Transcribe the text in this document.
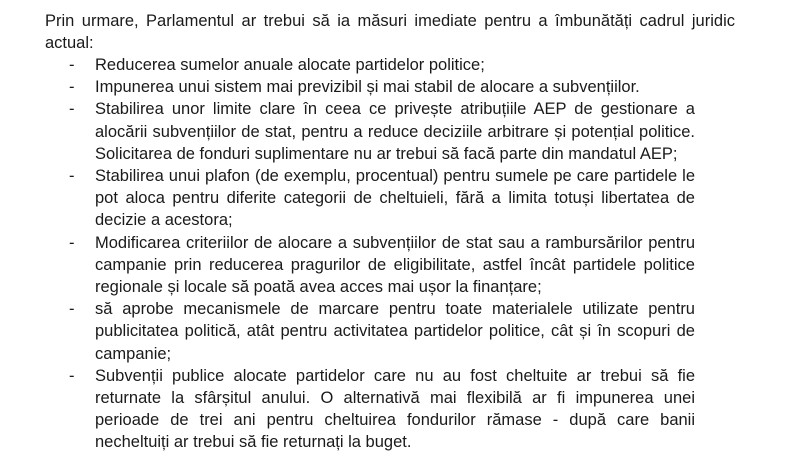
Prin urmare, Parlamentul ar trebui să ia măsuri imediate pentru a îmbunătăți cadrul juridic actual:

- Reducerea sumelor anuale alocate partidelor politice;
- Impunerea unui sistem mai previzibil și mai stabil de alocare a subvențiilor.
- Stabilirea unor limite clare în ceea ce privește atribuțiile AEP de gestionare a alocării subvențiilor de stat, pentru a reduce deciziile arbitrare și potențial politice. Solicitarea de fonduri suplimentare nu ar trebui să facă parte din mandatul AEP;
- Stabilirea unui plafon (de exemplu, procentual) pentru sumele pe care partidele le pot aloca pentru diferite categorii de cheltuieli, fără a limita totuși libertatea de decizie a acestora;
- Modificarea criteriilor de alocare a subvențiilor de stat sau a rambursărilor pentru campanie prin reducerea pragurilor de eligibilitate, astfel încât partidele politice regionale și locale să poată avea acces mai ușor la finanțare;
- să aprobe mecanismele de marcare pentru toate materialele utilizate pentru publicitatea politică, atât pentru activitatea partidelor politice, cât și în scopuri de campanie;
- Subvenții publice alocate partidelor care nu au fost cheltuite ar trebui să fie returnate la sfârșitul anului. O alternativă mai flexibilă ar fi impunerea unei perioade de trei ani pentru cheltuirea fondurilor rămase - după care banii necheltuiți ar trebui să fie returnați la buget.
